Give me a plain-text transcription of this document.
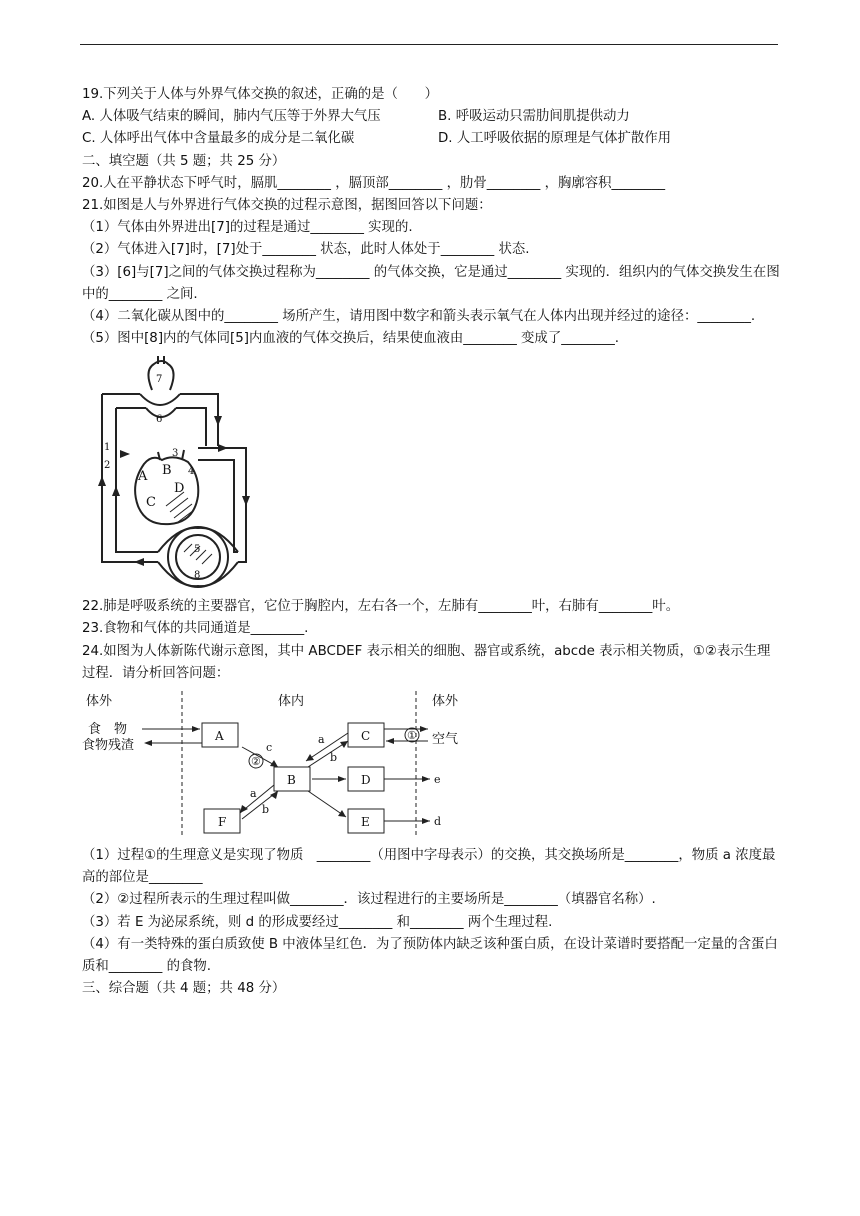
19.下列关于人体与外界气体交换的叙述，正确的是（　　）
A. 人体吸气结束的瞬间，肺内气压等于外界大气压	B. 呼吸运动只需肋间肌提供动力
C. 人体呼出气体中含量最多的成分是二氧化碳	D. 人工呼吸依据的原理是气体扩散作用
二、填空题（共 5 题；共 25 分）
20.人在平静状态下呼气时，膈肌________ ，膈顶部________ ，肋骨________ ，胸廓容积________
21.如图是人与外界进行气体交换的过程示意图，据图回答以下问题：
（1）气体由外界进出[7]的过程是通过________ 实现的.
（2）气体进入[7]时，[7]处于________ 状态，此时人体处于________ 状态.
（3）[6]与[7]之间的气体交换过程称为________ 的气体交换，它是通过________ 实现的．组织内的气体交换发生在图中的________ 之间.
（4）二氧化碳从图中的________ 场所产生，请用图中数字和箭头表示氧气在人体内出现并经过的途径：________.
（5）图中[8]内的气体同[5]内血液的气体交换后，结果使血液由________ 变成了________.
7
6
1
2
3
4
5
8
A B
C
D
22.肺是呼吸系统的主要器官，它位于胸腔内，左右各一个，左肺有________叶，右肺有________叶。
23.食物和气体的共同通道是________.
24.如图为人体新陈代谢示意图，其中 ABCDEF 表示相关的细胞、器官或系统，abcde 表示相关物质，①②表示生理过程．请分析回答问题：
体外	体内	体外
食　物
食物残渣	空气
A	C
B	D
F	E
c
a
b
a
b
e
d
①
②
（1）过程①的生理意义是实现了物质　________（用图中字母表示）的交换，其交换场所是________，物质 a 浓度最高的部位是________
（2）②过程所表示的生理过程叫做________．该过程进行的主要场所是________（填器官名称）.
（3）若 E 为泌尿系统，则 d 的形成要经过________ 和________ 两个生理过程.
（4）有一类特殊的蛋白质致使 B 中液体呈红色．为了预防体内缺乏该种蛋白质，在设计菜谱时要搭配一定量的含蛋白质和________ 的食物.
三、综合题（共 4 题；共 48 分）
